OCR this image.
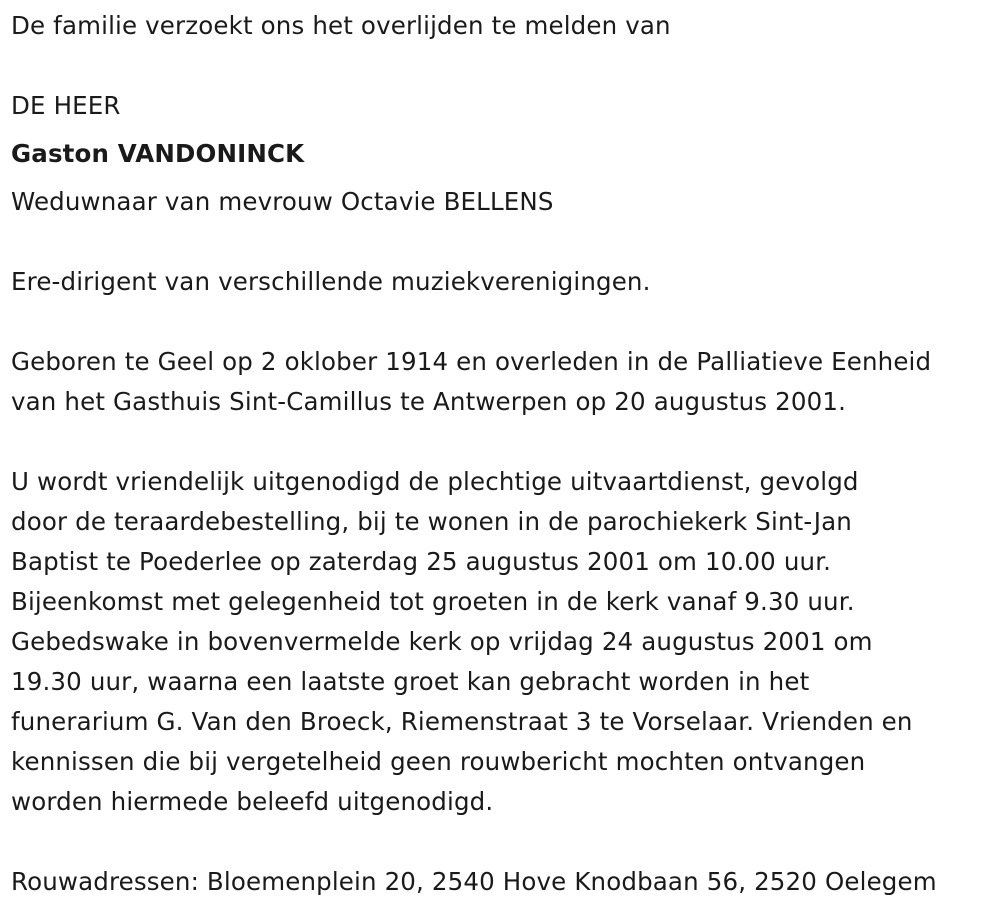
De familie verzoekt ons het overlijden te melden van
DE HEER
Gaston VANDONINCK
Weduwnaar van mevrouw Octavie BELLENS
Ere-dirigent van verschillende muziekverenigingen.
Geboren te Geel op 2 oklober 1914 en overleden in de Palliatieve Eenheid
van het Gasthuis Sint-Camillus te Antwerpen op 20 augustus 2001.
U wordt vriendelijk uitgenodigd de plechtige uitvaartdienst, gevolgd
door de teraardebestelling, bij te wonen in de parochiekerk Sint-Jan
Baptist te Poederlee op zaterdag 25 augustus 2001 om 10.00 uur.
Bijeenkomst met gelegenheid tot groeten in de kerk vanaf 9.30 uur.
Gebedswake in bovenvermelde kerk op vrijdag 24 augustus 2001 om
19.30 uur, waarna een laatste groet kan gebracht worden in het
funerarium G. Van den Broeck, Riemenstraat 3 te Vorselaar. Vrienden en
kennissen die bij vergetelheid geen rouwbericht mochten ontvangen
worden hiermede beleefd uitgenodigd.
Rouwadressen: Bloemenplein 20, 2540 Hove Knodbaan 56, 2520 Oelegem
